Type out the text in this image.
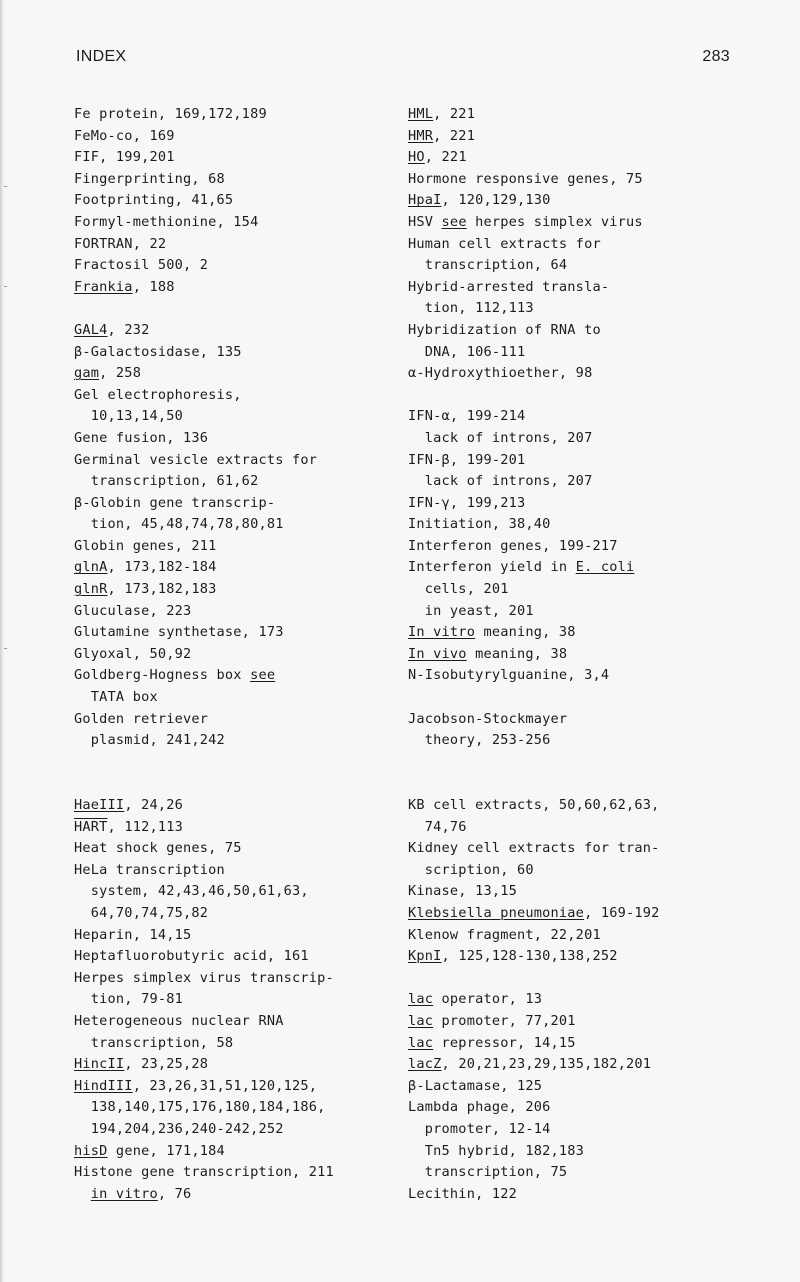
INDEX	283
Fe protein, 169,172,189
FeMo-co, 169
FIF, 199,201
Fingerprinting, 68
Footprinting, 41,65
Formyl-methionine, 154
FORTRAN, 22
Fractosil 500, 2
Frankia, 188
GAL4, 232
β-Galactosidase, 135
gam, 258
Gel electrophoresis,
10,13,14,50
Gene fusion, 136
Germinal vesicle extracts for
transcription, 61,62
β-Globin gene transcrip-
tion, 45,48,74,78,80,81
Globin genes, 211
glnA, 173,182-184
glnR, 173,182,183
Gluculase, 223
Glutamine synthetase, 173
Glyoxal, 50,92
Goldberg-Hogness box see
TATA box
Golden retriever
plasmid, 241,242
HaeIII, 24,26
HART, 112,113
Heat shock genes, 75
HeLa transcription
system, 42,43,46,50,61,63,
64,70,74,75,82
Heparin, 14,15
Heptafluorobutyric acid, 161
Herpes simplex virus transcrip-
tion, 79-81
Heterogeneous nuclear RNA
transcription, 58
HincII, 23,25,28
HindIII, 23,26,31,51,120,125,
138,140,175,176,180,184,186,
194,204,236,240-242,252
hisD gene, 171,184
Histone gene transcription, 211
in vitro, 76
HML, 221
HMR, 221
HO, 221
Hormone responsive genes, 75
HpaI, 120,129,130
HSV see herpes simplex virus
Human cell extracts for
transcription, 64
Hybrid-arrested transla-
tion, 112,113
Hybridization of RNA to
DNA, 106-111
α-Hydroxythioether, 98
IFN-α, 199-214
lack of introns, 207
IFN-β, 199-201
lack of introns, 207
IFN-γ, 199,213
Initiation, 38,40
Interferon genes, 199-217
Interferon yield in E. coli
cells, 201
in yeast, 201
In vitro meaning, 38
In vivo meaning, 38
N-Isobutyrylguanine, 3,4
Jacobson-Stockmayer
theory, 253-256
KB cell extracts, 50,60,62,63,
74,76
Kidney cell extracts for tran-
scription, 60
Kinase, 13,15
Klebsiella pneumoniae, 169-192
Klenow fragment, 22,201
KpnI, 125,128-130,138,252
lac operator, 13
lac promoter, 77,201
lac repressor, 14,15
lacZ, 20,21,23,29,135,182,201
β-Lactamase, 125
Lambda phage, 206
promoter, 12-14
Tn5 hybrid, 182,183
transcription, 75
Lecithin, 122
